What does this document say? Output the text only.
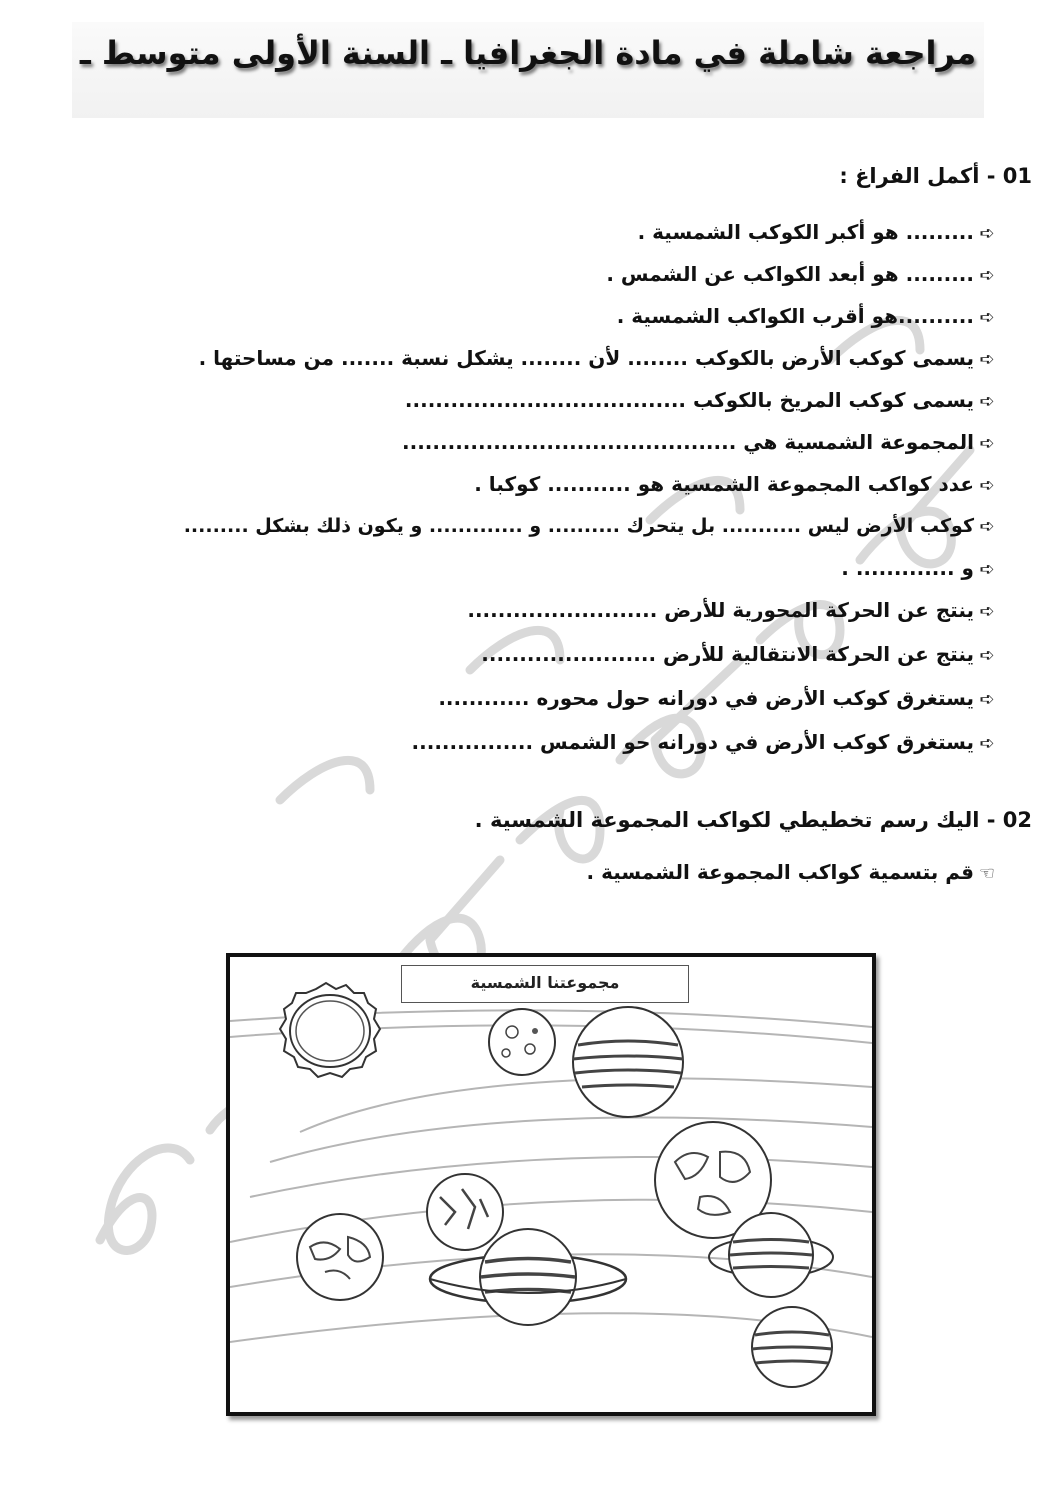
مراجعة شاملة في مادة الجغرافيا ـ السنة الأولى متوسط ـ
01 - أكمل الفراغ :
➪......... هو أكبر الكوكب الشمسية .
➪......... هو أبعد الكواكب عن الشمس .
➪..........هو أقرب الكواكب الشمسية .
➪يسمى كوكب الأرض بالكوكب ........ لأن ........ يشكل نسبة ....... من مساحتها .
➪يسمى كوكب المريخ بالكوكب .....................................
➪المجموعة الشمسية هي ............................................
➪عدد كواكب المجموعة الشمسية هو ........... كوكبا .
➪كوكب الأرض ليس ........... بل يتحرك .......... و ............. و يكون ذلك بشكل .........
➪و ............. .
➪ينتج عن الحركة المحورية للأرض .........................
➪ينتج عن الحركة الانتقالية للأرض .......................
➪يستغرق كوكب الأرض في دورانه حول محوره ............
➪يستغرق كوكب الأرض في دورانه حو الشمس ................
02 - اليك رسم تخطيطي لكواكب المجموعة الشمسية .
☜قم بتسمية كواكب المجموعة الشمسية .
مجموعتنا الشمسية
